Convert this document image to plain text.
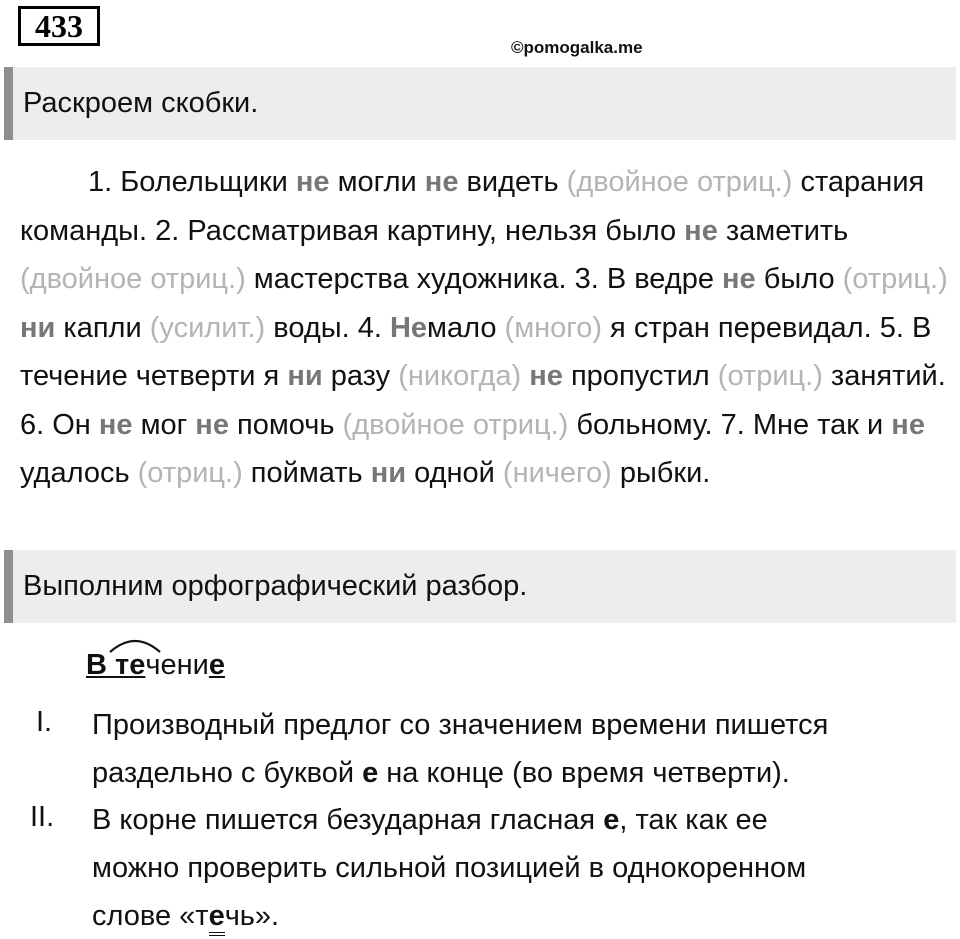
433
©pomogalka.me
Раскроем скобки.
1. Болельщики не могли не видеть (двойное отриц.) старания команды. 2. Рассматривая картину, нельзя было не заметить (двойное отриц.) мастерства художника. 3. В ведре не было (отриц.) ни капли (усилит.) воды. 4. Немало (много) я стран перевидал. 5. В течение четверти я ни разу (никогда) не пропустил (отриц.) занятий. 6. Он не мог не помочь (двойное отриц.) больному. 7. Мне так и не удалось (отриц.) поймать ни одной (ничего) рыбки.
Выполним орфографический разбор.
В течение
I. Производный предлог со значением времени пишется
раздельно с буквой е на конце (во время четверти).
II. В корне пишется безударная гласная е, так как ее
можно проверить сильной позицией в однокоренном
слове «течь».
